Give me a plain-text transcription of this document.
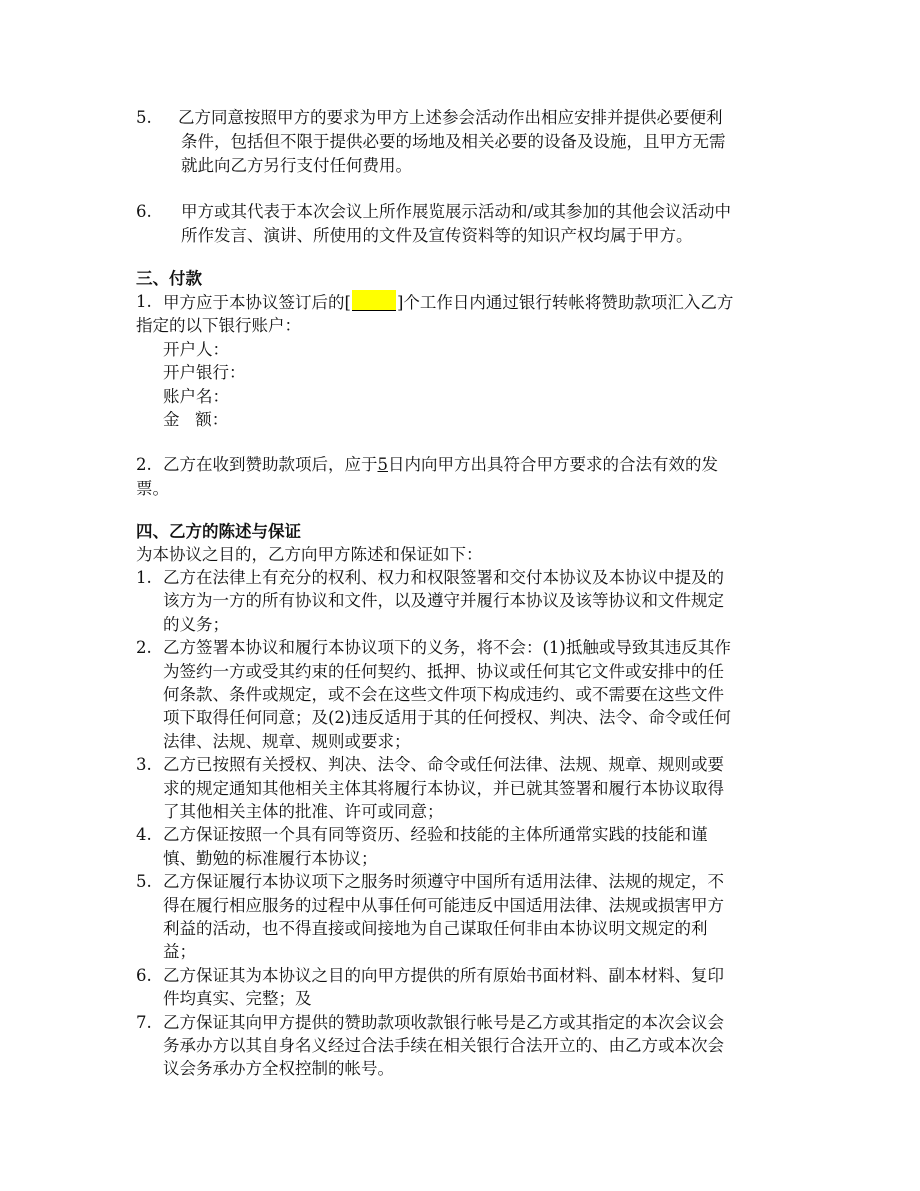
5. 乙方同意按照甲方的要求为甲方上述参会活动作出相应安排并提供必要便利
条件，包括但不限于提供必要的场地及相关必要的设备及设施，且甲方无需
就此向乙方另行支付任何费用。
6. 甲方或其代表于本次会议上所作展览展示活动和/或其参加的其他会议活动中
所作发言、演讲、所使用的文件及宣传资料等的知识产权均属于甲方。
三、付款
1. 甲方应于本协议签订后的[	]个工作日内通过银行转帐将赞助款项汇入乙方
指定的以下银行账户：
开户人：
开户银行：
账户名：
金   额：
2. 乙方在收到赞助款项后，应于5日内向甲方出具符合甲方要求的合法有效的发
票。
四、乙方的陈述与保证
为本协议之目的，乙方向甲方陈述和保证如下：
1. 乙方在法律上有充分的权利、权力和权限签署和交付本协议及本协议中提及的
该方为一方的所有协议和文件，以及遵守并履行本协议及该等协议和文件规定
的义务；
2. 乙方签署本协议和履行本协议项下的义务，将不会：(1)抵触或导致其违反其作
为签约一方或受其约束的任何契约、抵押、协议或任何其它文件或安排中的任
何条款、条件或规定，或不会在这些文件项下构成违约、或不需要在这些文件
项下取得任何同意；及(2)违反适用于其的任何授权、判决、法令、命令或任何
法律、法规、规章、规则或要求；
3. 乙方已按照有关授权、判决、法令、命令或任何法律、法规、规章、规则或要
求的规定通知其他相关主体其将履行本协议，并已就其签署和履行本协议取得
了其他相关主体的批准、许可或同意；
4. 乙方保证按照一个具有同等资历、经验和技能的主体所通常实践的技能和谨
慎、勤勉的标准履行本协议；
5. 乙方保证履行本协议项下之服务时须遵守中国所有适用法律、法规的规定，不
得在履行相应服务的过程中从事任何可能违反中国适用法律、法规或损害甲方
利益的活动，也不得直接或间接地为自己谋取任何非由本协议明文规定的利
益；
6. 乙方保证其为本协议之目的向甲方提供的所有原始书面材料、副本材料、复印
件均真实、完整；及
7. 乙方保证其向甲方提供的赞助款项收款银行帐号是乙方或其指定的本次会议会
务承办方以其自身名义经过合法手续在相关银行合法开立的、由乙方或本次会
议会务承办方全权控制的帐号。
